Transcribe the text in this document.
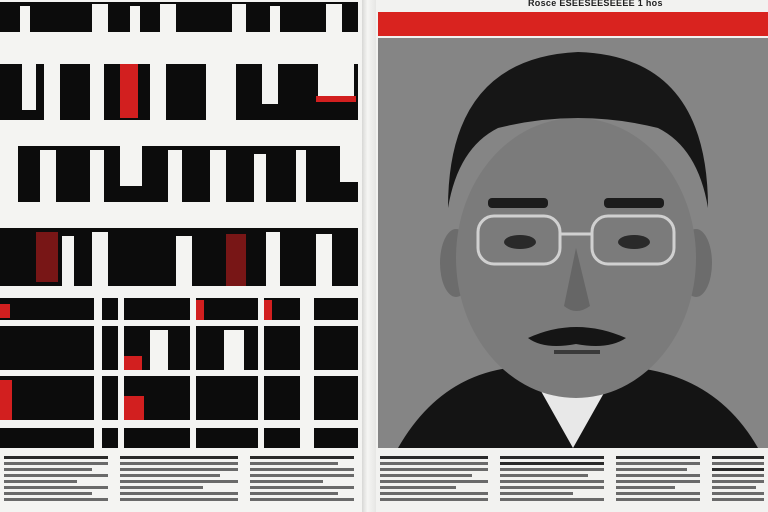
Rosce ESEESEESEEEE 1 hos
